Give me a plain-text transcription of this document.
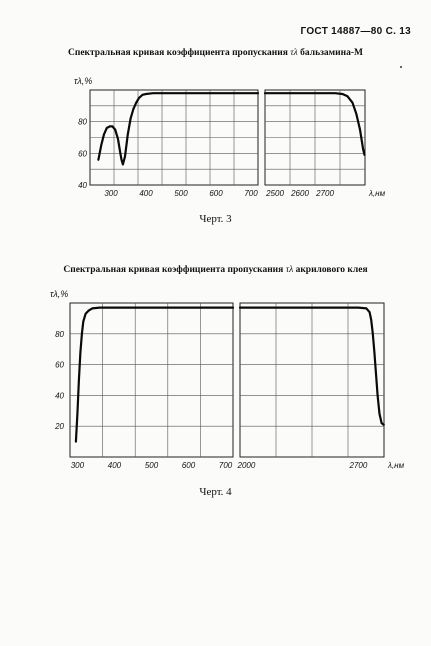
ГОСТ 14887—80 С. 13
Спектральная кривая коэффициента пропускания τλ бальзамина-М
τλ,%
40
60
80
300	400	500	600	700 2500 2600 2700	λ,нм
Черт. 3
Спектральная кривая коэффициента пропускания τλ акрилового клея
τλ,%
20
40
60
80
300	400	500	600	700 2000	2700	λ,нм
Черт. 4
